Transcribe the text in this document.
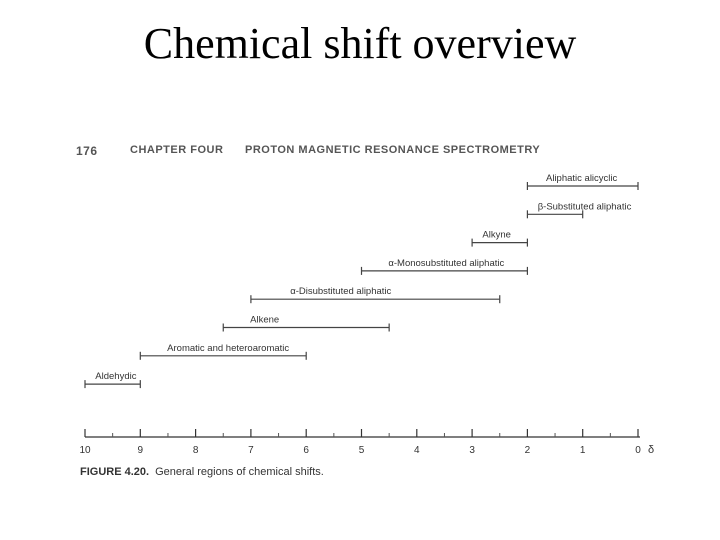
Chemical shift overview
176	CHAPTER FOUR PROTON MAGNETIC RESONANCE SPECTROMETRY
10	9	8	7	6	5	4	3	2	1	0 δ
Aliphatic alicyclic
β-Substituted aliphatic
Alkyne
α-Monosubstituted aliphatic
α-Disubstituted aliphatic
Alkene
Aromatic and heteroaromatic
Aldehydic
FIGURE 4.20. General regions of chemical shifts.
